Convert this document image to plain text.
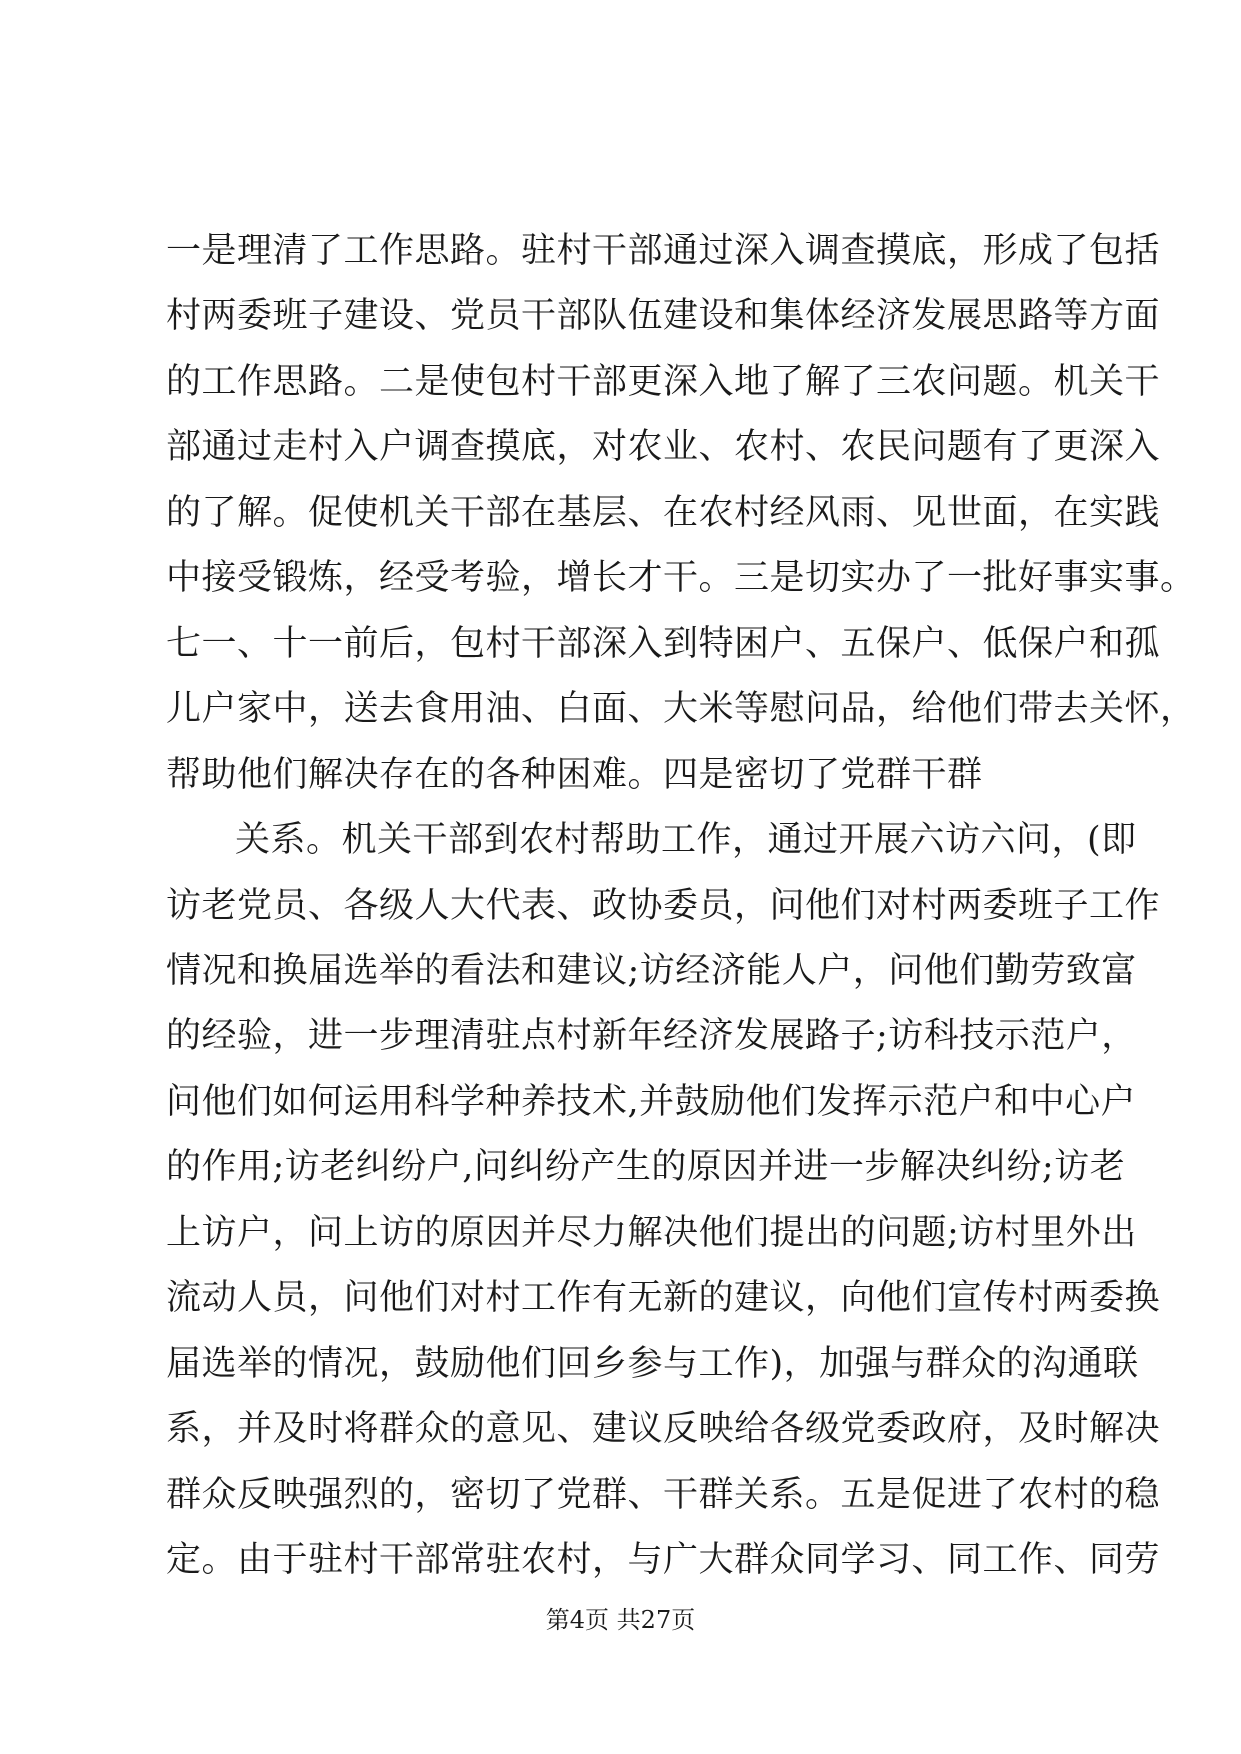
一是理清了工作思路。驻村干部通过深入调查摸底，形成了包括
村两委班子建设、党员干部队伍建设和集体经济发展思路等方面
的工作思路。二是使包村干部更深入地了解了三农问题。机关干
部通过走村入户调查摸底，对农业、农村、农民问题有了更深入
的了解。促使机关干部在基层、在农村经风雨、见世面，在实践
中接受锻炼，经受考验，增长才干。三是切实办了一批好事实事。
七一、十一前后，包村干部深入到特困户、五保户、低保户和孤
儿户家中，送去食用油、白面、大米等慰问品，给他们带去关怀，
帮助他们解决存在的各种困难。四是密切了党群干群
关系。机关干部到农村帮助工作，通过开展六访六问，(即
访老党员、各级人大代表、政协委员，问他们对村两委班子工作
情况和换届选举的看法和建议;访经济能人户，问他们勤劳致富
的经验，进一步理清驻点村新年经济发展路子;访科技示范户，
问他们如何运用科学种养技术,并鼓励他们发挥示范户和中心户
的作用;访老纠纷户,问纠纷产生的原因并进一步解决纠纷;访老
上访户，问上访的原因并尽力解决他们提出的问题;访村里外出
流动人员，问他们对村工作有无新的建议，向他们宣传村两委换
届选举的情况，鼓励他们回乡参与工作)，加强与群众的沟通联
系，并及时将群众的意见、建议反映给各级党委政府，及时解决
群众反映强烈的，密切了党群、干群关系。五是促进了农村的稳
第4页 共27页
定。由于驻村干部常驻农村，与广大群众同学习、同工作、同劳
